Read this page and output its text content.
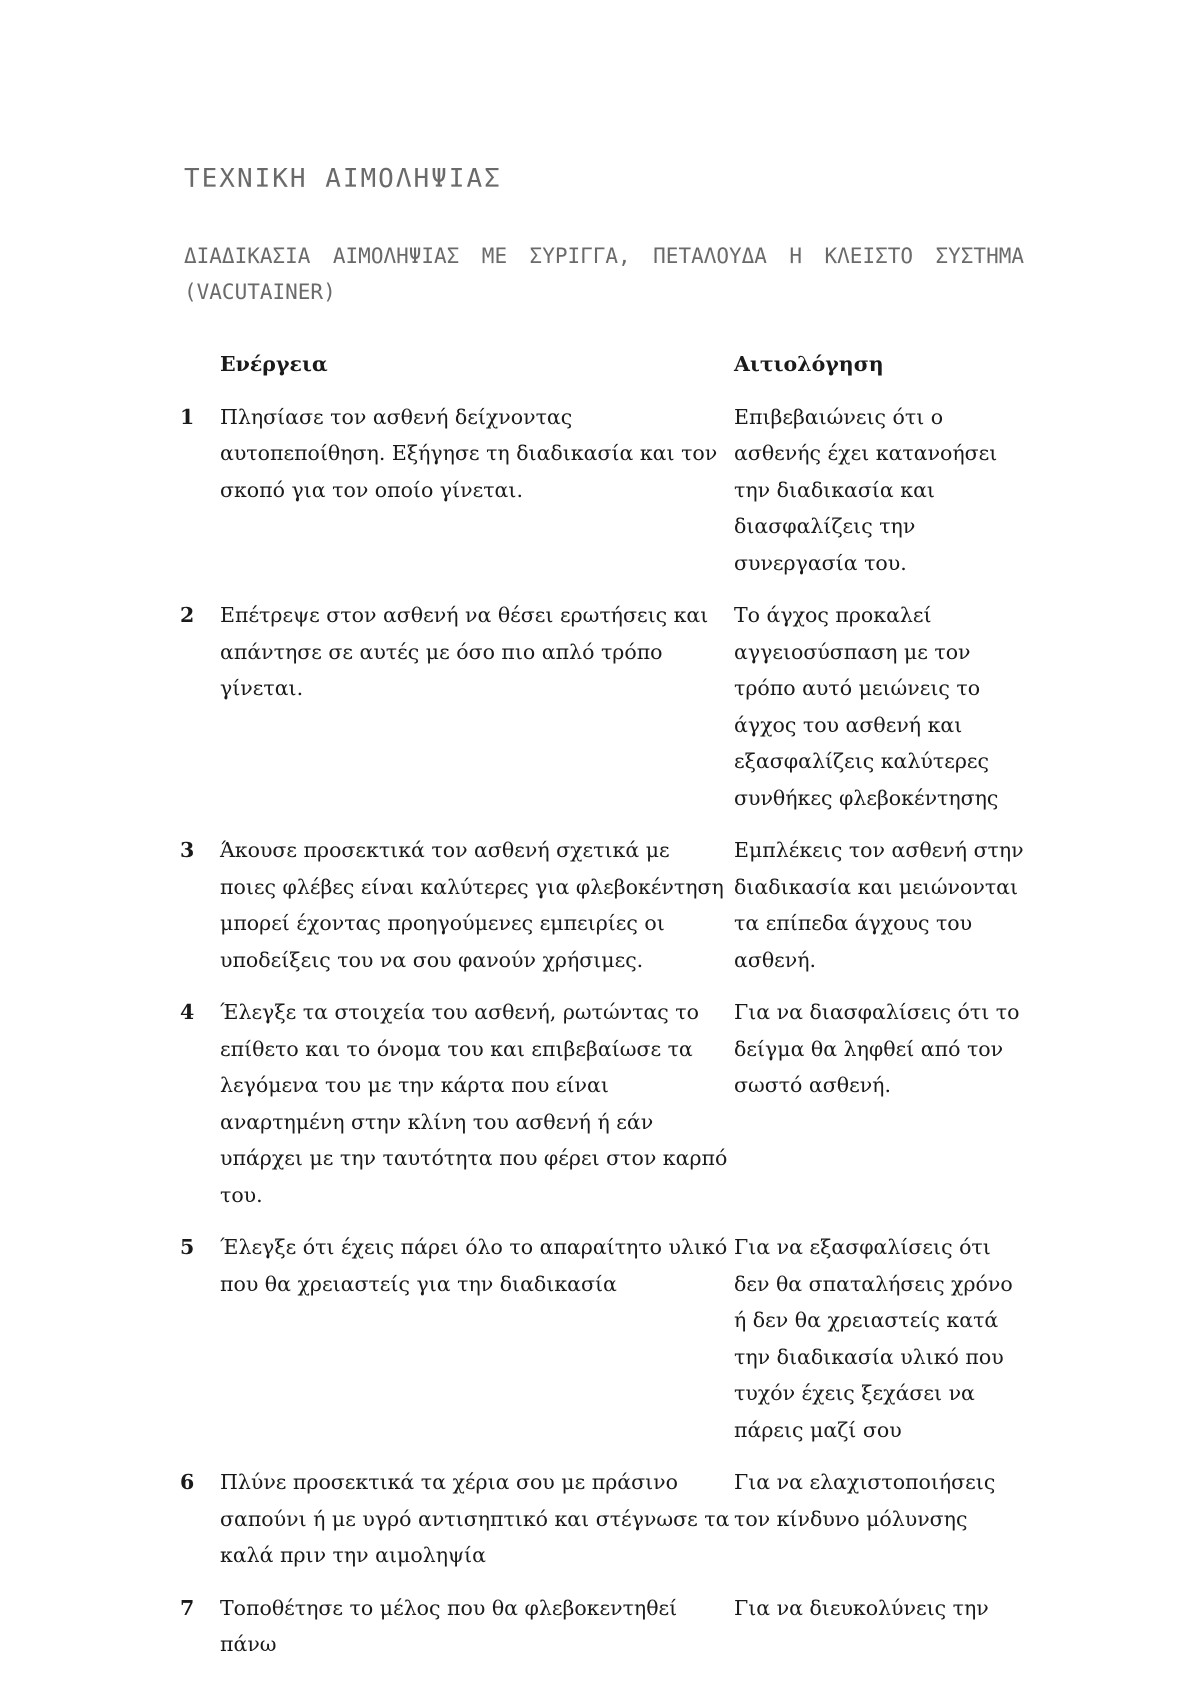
ΤΕΧΝΙΚΗ ΑΙΜΟΛΗΨΙΑΣ

ΔΙΑΔΙΚΑΣΙΑ ΑΙΜΟΛΗΨΙΑΣ ΜΕ ΣΥΡΙΓΓΑ, ΠΕΤΑΛΟΥΔΑ Η ΚΛΕΙΣΤΟ ΣΥΣΤΗΜΑ (VACUTAINER)

	Ενέργεια	Αιτιολόγηση
1	Πλησίασε τον ασθενή δείχνοντας αυτοπεποίθηση. Εξήγησε τη διαδικασία και τον σκοπό για τον οποίο γίνεται.	Επιβεβαιώνεις ότι ο ασθενής έχει κατανοήσει την διαδικασία και διασφαλίζεις την συνεργασία του.
2	Επέτρεψε στον ασθενή να θέσει ερωτήσεις και απάντησε σε αυτές με όσο πιο απλό τρόπο γίνεται.	Το άγχος προκαλεί αγγειοσύσπαση με τον τρόπο αυτό μειώνεις το άγχος του ασθενή και εξασφαλίζεις καλύτερες συνθήκες φλεβοκέντησης
3	Άκουσε προσεκτικά τον ασθενή σχετικά με ποιες φλέβες είναι καλύτερες για φλεβοκέντηση μπορεί έχοντας προηγούμενες εμπειρίες οι υποδείξεις του να σου φανούν χρήσιμες.	Εμπλέκεις τον ασθενή στην διαδικασία και μειώνονται τα επίπεδα άγχους του ασθενή.
4	Έλεγξε τα στοιχεία του ασθενή, ρωτώντας το επίθετο και το όνομα του και επιβεβαίωσε τα λεγόμενα του με την κάρτα που είναι αναρτημένη στην κλίνη του ασθενή ή εάν υπάρχει με την ταυτότητα που φέρει στον καρπό του.	Για να διασφαλίσεις ότι το δείγμα θα ληφθεί από τον σωστό ασθενή.
5	Έλεγξε ότι έχεις πάρει όλο το απαραίτητο υλικό που θα χρειαστείς για την διαδικασία	Για να εξασφαλίσεις ότι δεν θα σπαταλήσεις χρόνο ή δεν θα χρειαστείς κατά την διαδικασία υλικό που τυχόν έχεις ξεχάσει να πάρεις μαζί σου
6	Πλύνε προσεκτικά τα χέρια σου με πράσινο σαπούνι ή με υγρό αντισηπτικό και στέγνωσε τα καλά πριν την αιμοληψία	Για να ελαχιστοποιήσεις τον κίνδυνο μόλυνσης
7	Τοποθέτησε το μέλος που θα φλεβοκεντηθεί πάνω	Για να διευκολύνεις την
